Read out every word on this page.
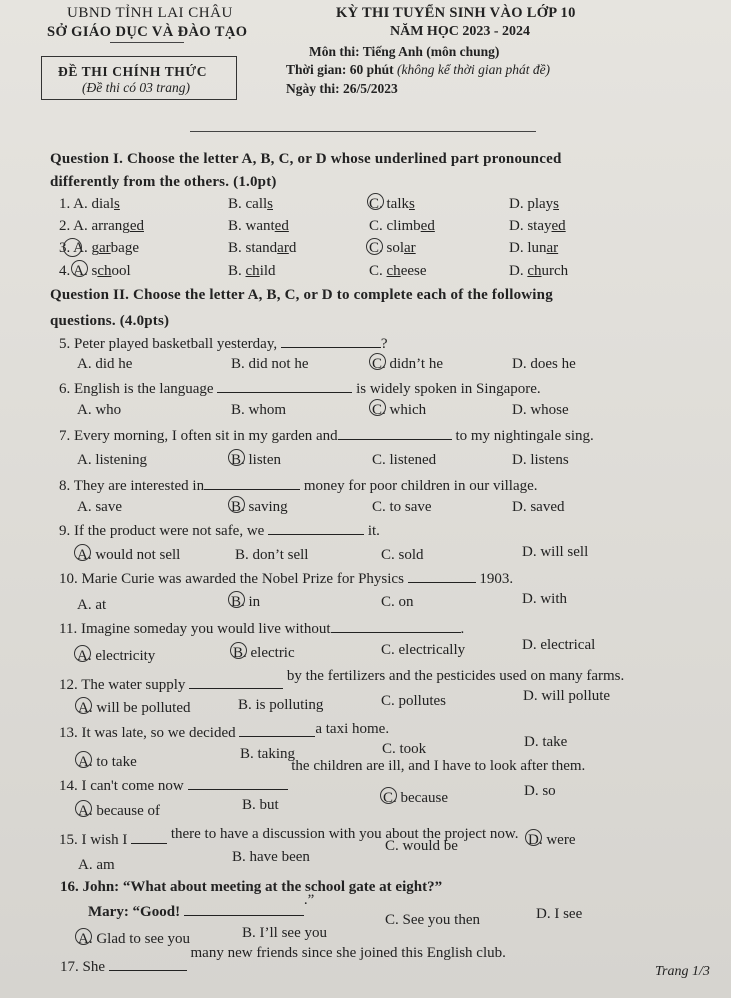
UBND TỈNH LAI CHÂU
SỞ GIÁO DỤC VÀ ĐÀO TẠO
ĐỀ THI CHÍNH THỨC
(Đề thi có 03 trang)
KỲ THI TUYỂN SINH VÀO LỚP 10
NĂM HỌC 2023 - 2024
Môn thi: Tiếng Anh (môn chung)
Thời gian: 60 phút (không kể thời gian phát đề)
Ngày thi: 26/5/2023
Question I. Choose the letter A, B, C, or D whose underlined part pronounced
differently from the others. (1.0pt)
1. A. dials	B. calls	C. talks	D. plays
2. A. arranged	B. wanted	C. climbed	D. stayed
3. A. garbage	B. standard	C. solar	D. lunar
4. A. school	B. child	C. cheese	D. church
Question II. Choose the letter A, B, C, or D to complete each of the following
questions. (4.0pts)
5. Peter played basketball yesterday,	?
A. did he	B. did not he	C. didn’t he	D. does he
6. English is the language	is widely spoken in Singapore.
A. who	B. whom	C. which	D. whose
7. Every morning, I often sit in my garden and	to my nightingale sing.
A. listening	B. listen	C. listened	D. listens
8. They are interested in	money for poor children in our village.
A. save	B. saving	C. to save	D. saved
9. If the product were not safe, we	it.
A. would not sell	B. don’t sell	C. sold	D. will sell
10. Marie Curie was awarded the Nobel Prize for Physics	1903.
A. at	B. in	C. on	D. with
11. Imagine someday you would live without	.
A. electricity	B. electric	C. electrically	D. electrical
12. The water supply  by the fertilizers and the pesticides used on many farms.
A. will be polluted	B. is polluting	C. pollutes	D. will pollute
13. It was late, so we decided	a taxi home.
A. to take	B. taking	C. took	D. take
14. I can't come now  the children are ill, and I have to look after them.
A. because of	B. but	C. because	D. so
15. I wish I	there to have a discussion with you about the project now.
A. am	B. have been
C. would be	D. were
16. John: “What about meeting at the school gate at eight?”
Mary: “Good! .”
A. Glad to see you	B. I’ll see you
C. See you then	D. I see
17. She  many new friends since she joined this English club.
Trang 1/3
